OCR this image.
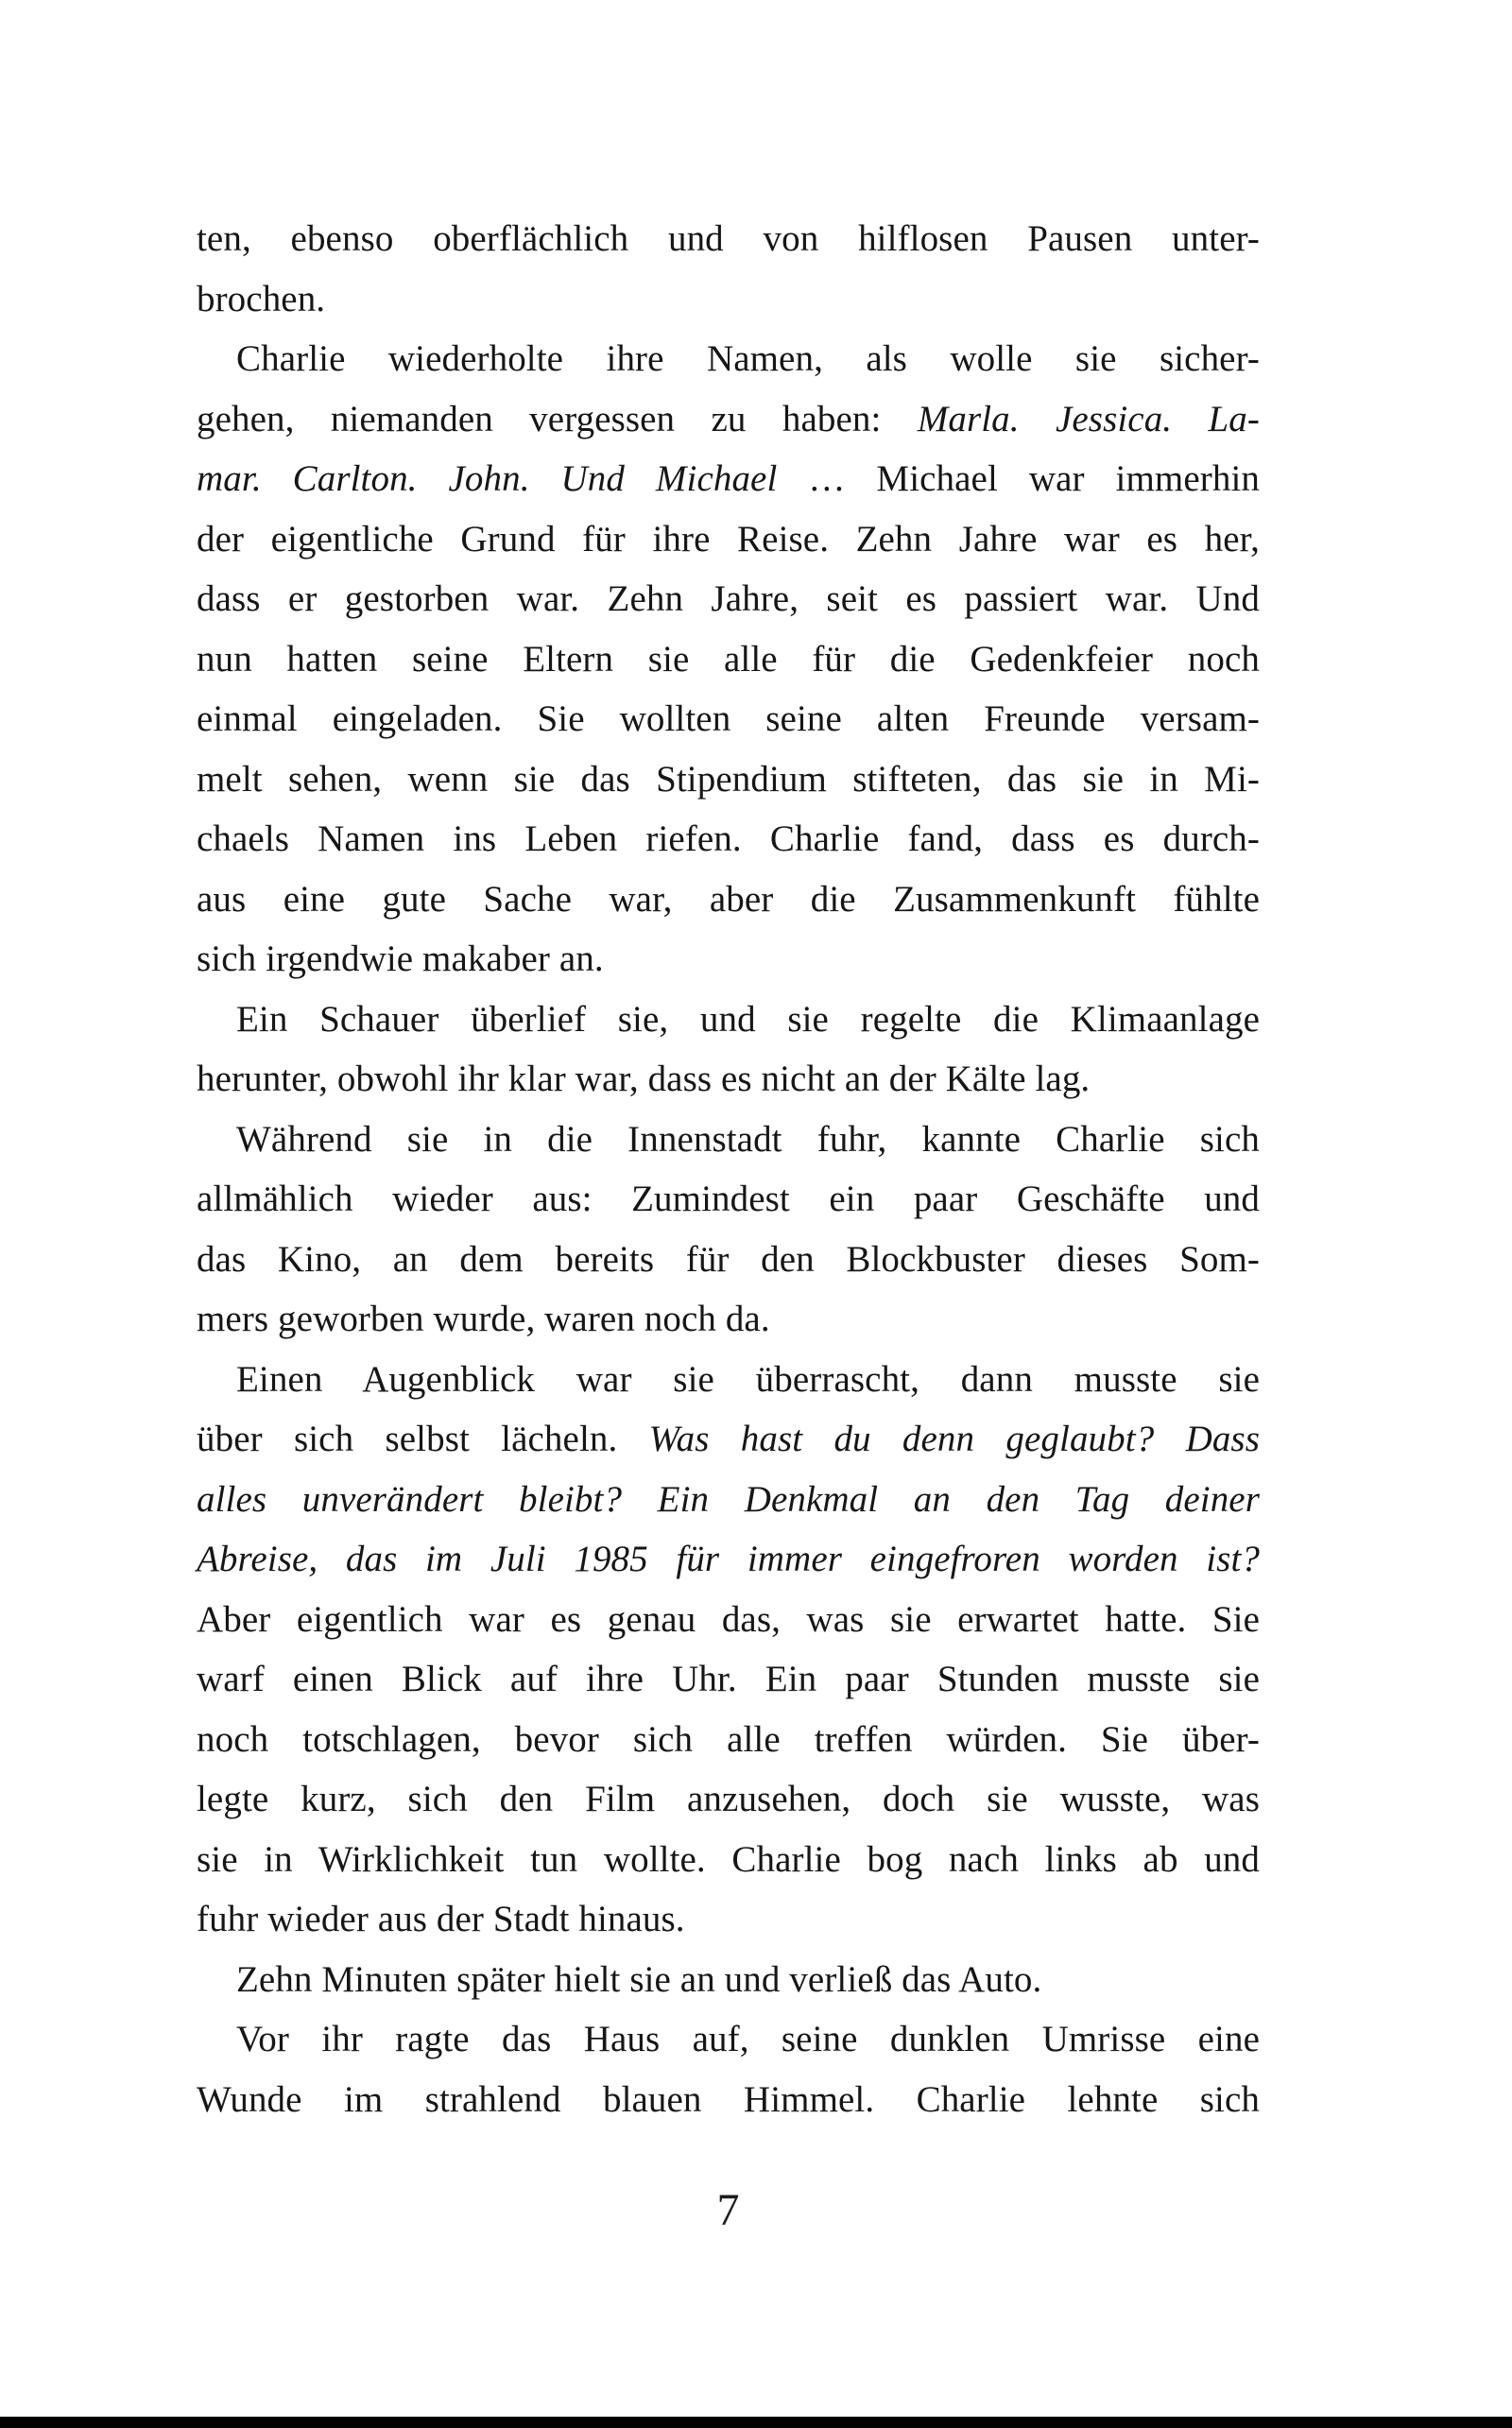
ten, ebenso oberflächlich und von hilflosen Pausen unter-
brochen.
Charlie wiederholte ihre Namen, als wolle sie sicher-
gehen, niemanden vergessen zu haben: Marla. Jessica. La-
mar. Carlton. John. Und Michael … Michael war immerhin
der eigentliche Grund für ihre Reise. Zehn Jahre war es her,
dass er gestorben war. Zehn Jahre, seit es passiert war. Und
nun hatten seine Eltern sie alle für die Gedenkfeier noch
einmal eingeladen. Sie wollten seine alten Freunde versam-
melt sehen, wenn sie das Stipendium stifteten, das sie in Mi-
chaels Namen ins Leben riefen. Charlie fand, dass es durch-
aus eine gute Sache war, aber die Zusammenkunft fühlte
sich irgendwie makaber an.
Ein Schauer überlief sie, und sie regelte die Klimaanlage
herunter, obwohl ihr klar war, dass es nicht an der Kälte lag.
Während sie in die Innenstadt fuhr, kannte Charlie sich
allmählich wieder aus: Zumindest ein paar Geschäfte und
das Kino, an dem bereits für den Blockbuster dieses Som-
mers geworben wurde, waren noch da.
Einen Augenblick war sie überrascht, dann musste sie
über sich selbst lächeln. Was hast du denn geglaubt? Dass
alles unverändert bleibt? Ein Denkmal an den Tag deiner
Abreise, das im Juli 1985 für immer eingefroren worden ist?
Aber eigentlich war es genau das, was sie erwartet hatte. Sie
warf einen Blick auf ihre Uhr. Ein paar Stunden musste sie
noch totschlagen, bevor sich alle treffen würden. Sie über-
legte kurz, sich den Film anzusehen, doch sie wusste, was
sie in Wirklichkeit tun wollte. Charlie bog nach links ab und
fuhr wieder aus der Stadt hinaus.
Zehn Minuten später hielt sie an und verließ das Auto.
Vor ihr ragte das Haus auf, seine dunklen Umrisse eine
Wunde im strahlend blauen Himmel. Charlie lehnte sich
7
